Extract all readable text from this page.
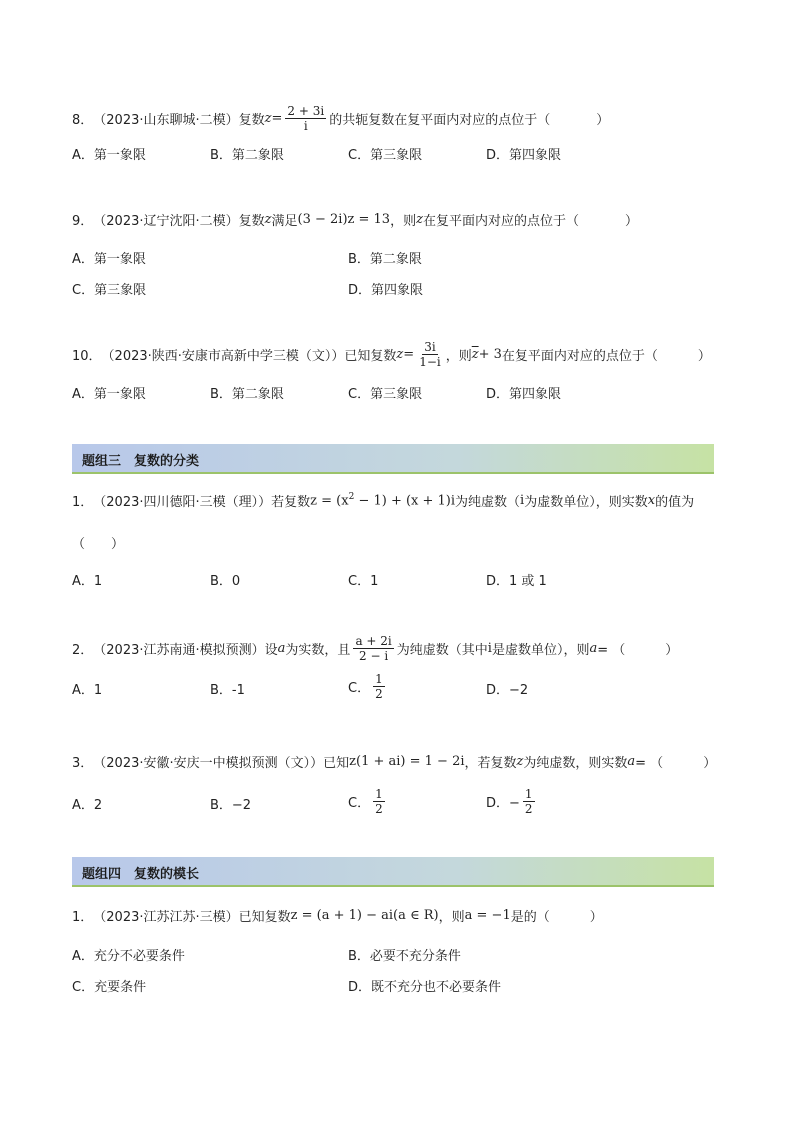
8． （2023·山东聊城·二模） 复数 $z = \frac{2 + 3i}{i}$ 的共轭复数在复平面内对应的点位于（	）
A．第一象限	B．第二象限	C．第三象限	D．第四象限
9． （2023·辽宁沈阳·二模） 复数 z 满足 (3 − 2i)z = 13 ，则 z 在复平面内对应的点位于（	）
A．第一象限	B．第二象限
C．第三象限	D．第四象限
10． （2023·陕西·安康市高新中学三模（文）） 已知复数 $z = \frac{3i}{1-i}$ ，则 $\overline{z} + 3$ 在复平面内对应的点位于（	）
A．第一象限	B．第二象限	C．第三象限	D．第四象限
题组三　复数的分类
1． （2023·四川德阳·三模（理）） 若复数 $z = (x^2 - 1) + (x + 1)i$ 为纯虚数（ i 为虚数单位），则实数 x 的值为
（　　）
A．1	B．0	C．1	D．1 或 1
2． （2023·江苏南通·模拟预测） 设 a 为实数，且 $\frac{a + 2i}{2 - i}$ 为纯虚数（其中 i 是虚数单位），则 a = （	）
A．1	B．-1	C． $\frac{1}{2}$	D．−2
3． （2023·安徽·安庆一中模拟预测（文）） 已知 z(1 + ai) = 1 − 2i ，若复数 z 为纯虚数，则实数 a = （	）
A．2	B．−2	C． $\frac{1}{2}$	D．− $\frac{1}{2}$
题组四　复数的模长
1． （2023·江苏江苏·三模） 已知复数 z = (a + 1) − ai(a ∈ R) ，则 a = −1 是的（	）
A．充分不必要条件	B．必要不充分条件
C．充要条件	D．既不充分也不必要条件
